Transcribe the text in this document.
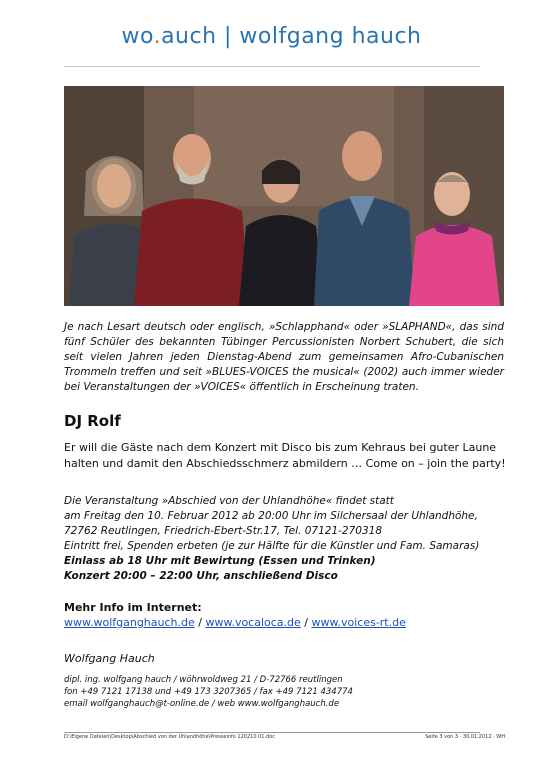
wo.auch | wolfgang hauch
Je nach Lesart deutsch oder englisch, »Schlapphand« oder »SLAPHAND«, das sind fünf Schüler des bekannten Tübinger Percussionisten Norbert Schubert, die sich seit vielen Jahren jeden Dienstag-Abend zum gemeinsamen Afro-Cubanischen Trommeln treffen und seit »BLUES-VOICES the musical« (2002) auch immer wieder bei Veranstaltungen der »VOICES« öffentlich in Erscheinung traten.
DJ Rolf
Er will die Gäste nach dem Konzert mit Disco bis zum Kehraus bei guter Laune halten und damit den Abschiedsschmerz abmildern … Come on – join the party!
Die Veranstaltung »Abschied von der Uhlandhöhe« findet statt
am Freitag den 10. Februar 2012 ab 20:00 Uhr im Silchersaal der Uhlandhöhe,
72762 Reutlingen, Friedrich-Ebert-Str.17, Tel. 07121-270318
Eintritt frei, Spenden erbeten (je zur Hälfte für die Künstler und Fam. Samaras)
Einlass ab 18 Uhr mit Bewirtung (Essen und Trinken)
Konzert 20:00 – 22:00 Uhr, anschließend Disco
Mehr Info im Internet:
www.wolfganghauch.de / www.vocaloca.de / www.voices-rt.de
Wolfgang Hauch
dipl. ing. wolfgang hauch / wöhrwoldweg 21 / D-72766 reutlingen
fon +49 7121 17138 und +49 173 3207365 / fax +49 7121 434774
email wolfganghauch@t-online.de / web www.wolfganghauch.de
D:\Eigene Dateien\Desktop\Abschied von der Uhlandhöhe\Presseinfo 120210.01.doc	Seite 3 von 3 · 30.01.2012 · WH
